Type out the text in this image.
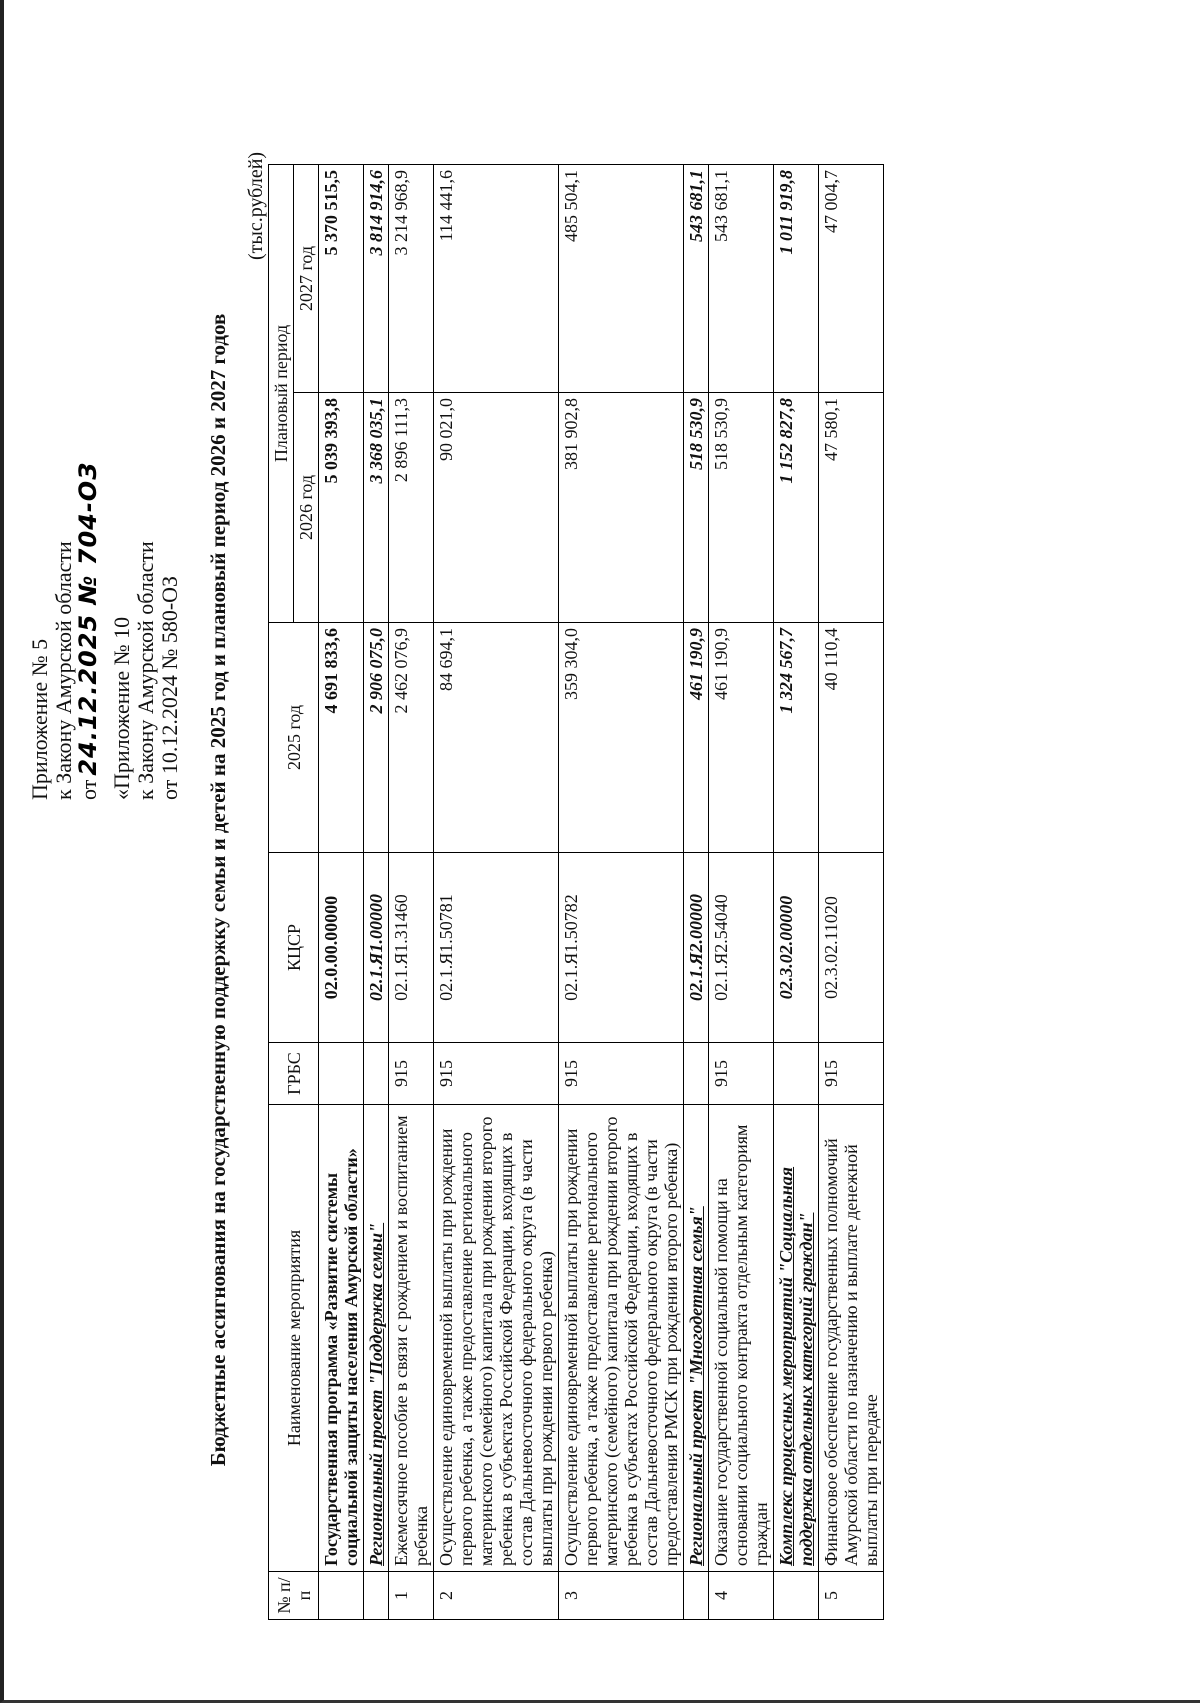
Приложение № 5 к Закону Амурской области от24.12.2025 № 704-ОЗ «Приложение № 10 к Закону Амурской области от 10.12.2024 № 580-ОЗ Бюджетные ассигнования на государственную поддержку семьи и детей на 2025 год и плановый период 2026 и 2027 годов
(тыс.рублей)
№ п/п	Наименование мероприятия	ГРБС	КЦСР	2025 год	Плановый период	
					2026 год	2027 год
	Государственная программа «Развитие системы социальной защиты населения Амурской области»		02.0.00.00000	4 691 833,6	5 039 393,8	5 370 515,5
	Региональный проект "Поддержка семьи"		02.1.Я1.00000	2 906 075,0	3 368 035,1	3 814 914,6
1	Ежемесячное пособие в связи с рождением и воспитанием ребенка	915	02.1.Я1.31460	2 462 076,9	2 896 111,3	3 214 968,9
2	Осуществление единовременной выплаты при рождении первого ребенка, а также предоставление регионального материнского (семейного) капитала при рождении второго ребенка в субъектах Российской Федерации, входящих в состав Дальневосточного федерального округа (в части выплаты при рождении первого ребенка)	915	02.1.Я1.50781	84 694,1	90 021,0	114 441,6
3	Осуществление единовременной выплаты при рождении первого ребенка, а также предоставление регионального материнского (семейного) капитала при рождении второго ребенка в субъектах Российской Федерации, входящих в состав Дальневосточного федерального округа (в части предоставления РМСК при рождении второго ребенка)	915	02.1.Я1.50782	359 304,0	381 902,8	485 504,1
	Региональный проект "Многодетная семья"		02.1.Я2.00000	461 190,9	518 530,9	543 681,1
4	Оказание государственной социальной помощи на основании социального контракта отдельным категориям граждан	915	02.1.Я2.54040	461 190,9	518 530,9	543 681,1
	Комплекс процессных мероприятий "Социальная поддержка отдельных категорий граждан"		02.3.02.00000	1 324 567,7	1 152 827,8	1 011 919,8
5	Финансовое обеспечение государственных полномочий Амурской области по назначению и выплате денежной выплаты при передаче	915	02.3.02.11020	40 110,4	47 580,1	47 004,7
